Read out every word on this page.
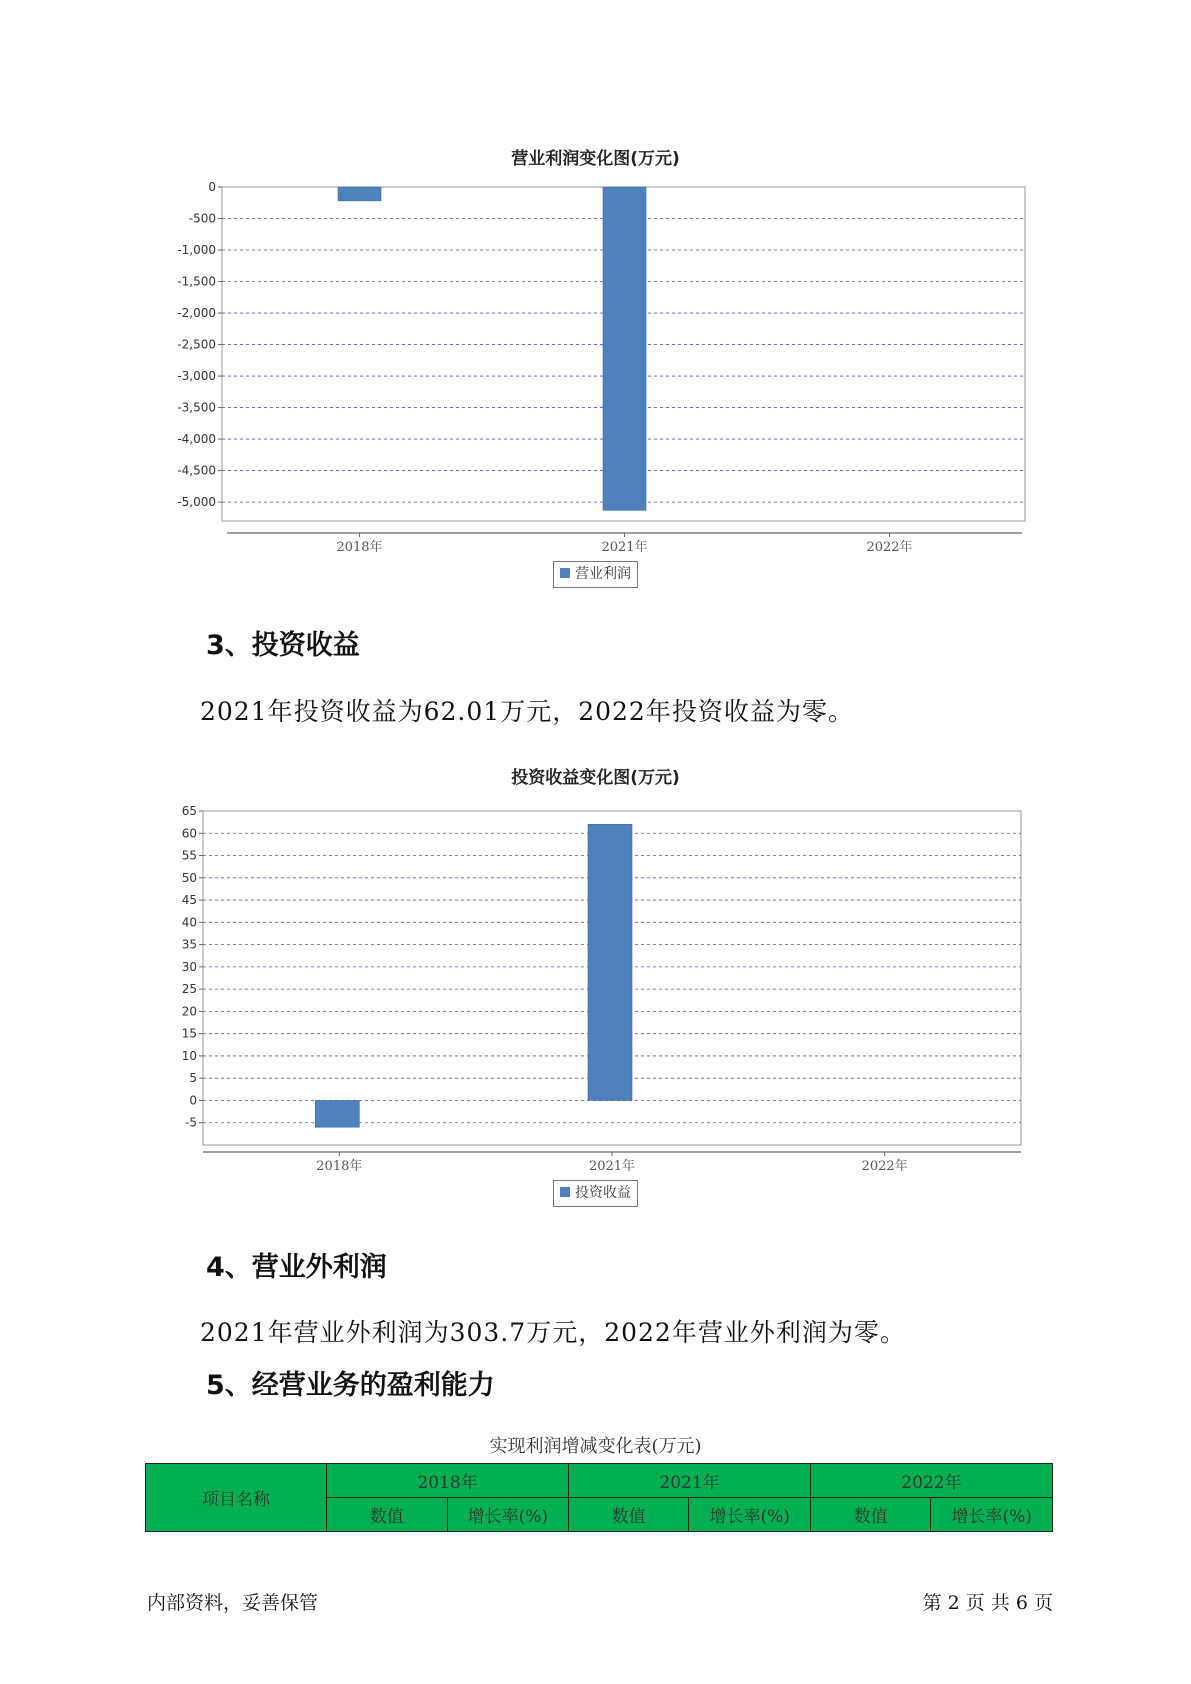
营业利润变化图(万元)
0
-500
-1,000
-1,500
-2,000
-2,500
-3,000
-3,500
-4,000
-4,500
-5,000
2018年	2021年	2022年
营业利润
3、投资收益
2021年投资收益为62.01万元，2022年投资收益为零。
投资收益变化图(万元)
65
60
55
50
45
40
35
30
25
20
15
10
5
0
-5
2018年	2021年	2022年
投资收益
4、营业外利润
2021年营业外利润为303.7万元，2022年营业外利润为零。
5、经营业务的盈利能力
实现利润增减变化表(万元)
项目名称	2018年		2021年		2022年	
	数值	增长率(%)	数值	增长率(%)	数值	增长率(%)
内部资料，妥善保管	第 2 页 共 6 页
